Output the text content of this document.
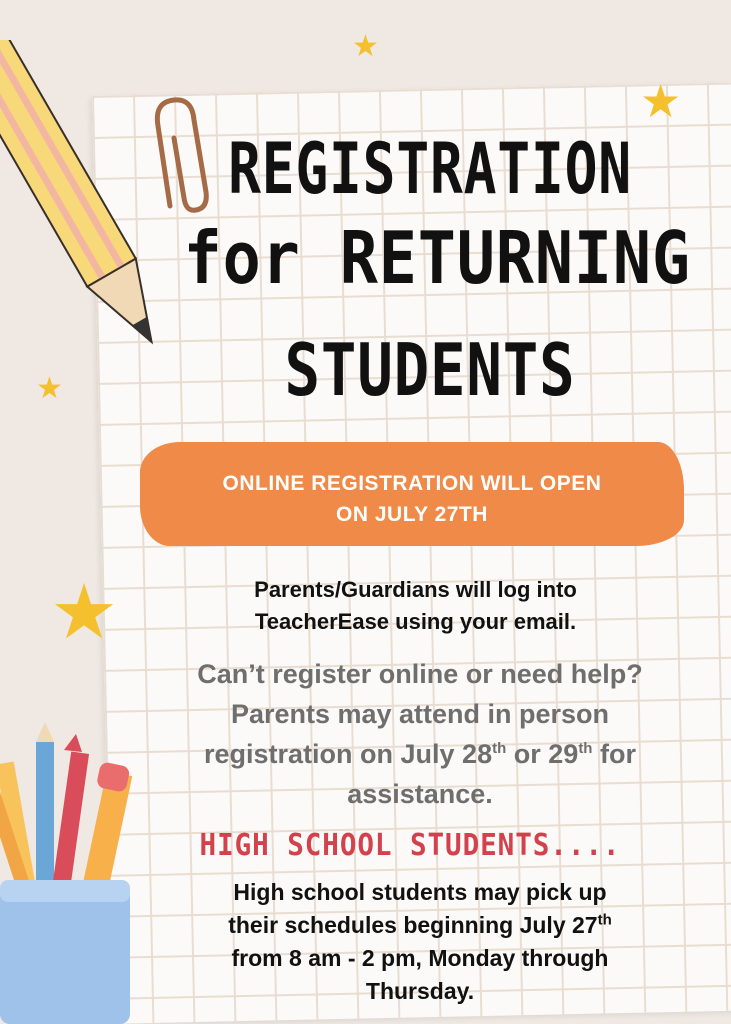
★
★
★
★
REGISTRATION
for RETURNING
STUDENTS
ONLINE REGISTRATION WILL OPEN
ON JULY 27TH
Parents/Guardians will log into
TeacherEase using your email.
Can’t register online or need help?
Parents may attend in person
registration on July 28th or 29th for
assistance.
HIGH SCHOOL STUDENTS....
High school students may pick up
their schedules beginning July 27th
from 8 am - 2 pm, Monday through
Thursday.
